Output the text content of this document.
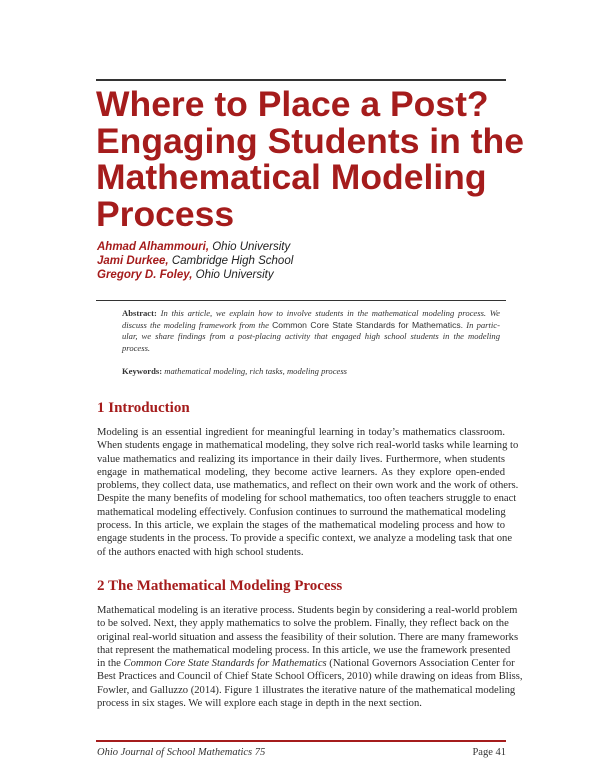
Where to Place a Post?
Engaging Students in the
Mathematical Modeling
Process
Ahmad Alhammouri, Ohio University
Jami Durkee, Cambridge High School
Gregory D. Foley, Ohio University
Abstract: In this article, we explain how to involve students in the mathematical modeling process. We
discuss the modeling framework from the Common Core State Standards for Mathematics. In partic-
ular, we share findings from a post-placing activity that engaged high school students in the modeling
process.
Keywords: mathematical modeling, rich tasks, modeling process
1 Introduction
Modeling is an essential ingredient for meaningful learning in today’s mathematics classroom.
When students engage in mathematical modeling, they solve rich real-world tasks while learning to
value mathematics and realizing its importance in their daily lives. Furthermore, when students
engage in mathematical modeling, they become active learners. As they explore open-ended
problems, they collect data, use mathematics, and reflect on their own work and the work of others.
Despite the many benefits of modeling for school mathematics, too often teachers struggle to enact
mathematical modeling effectively. Confusion continues to surround the mathematical modeling
process. In this article, we explain the stages of the mathematical modeling process and how to
engage students in the process. To provide a specific context, we analyze a modeling task that one
of the authors enacted with high school students.
2 The Mathematical Modeling Process
Mathematical modeling is an iterative process. Students begin by considering a real-world problem
to be solved. Next, they apply mathematics to solve the problem. Finally, they reflect back on the
original real-world situation and assess the feasibility of their solution. There are many frameworks
that represent the mathematical modeling process. In this article, we use the framework presented
in the Common Core State Standards for Mathematics (National Governors Association Center for
Best Practices and Council of Chief State School Officers, 2010) while drawing on ideas from Bliss,
Fowler, and Galluzzo (2014). Figure 1 illustrates the iterative nature of the mathematical modeling
process in six stages. We will explore each stage in depth in the next section.
Ohio Journal of School Mathematics 75	Page 41
